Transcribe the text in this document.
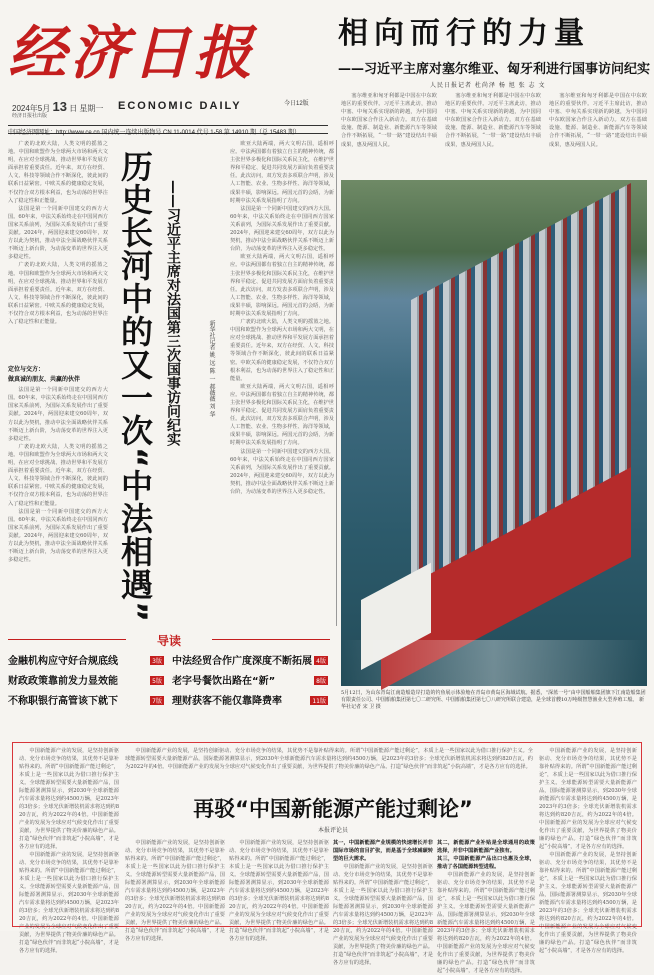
经济日报
2024年5月 13 日 星期一 ECONOMIC DAILY
经济日报社出版
今日12版
中国经济网网址：http://www.ce.cn 国内统一连续出版物号 CN 11-0014 代号 1-58 第 14910 期（总 15483 期）
相向而行的力量
——习近平主席对塞尔维亚、匈牙利进行国事访问纪实
人民日报记者 杜尚泽 杨 旭 张 志 文

塞尔维亚和匈牙利都是中国在中东欧地区的重要伙伴。习近平主席此访，推动中塞、中匈关系实现新的跨越，为中国同中东欧国家合作注入新动力。双方在基础设施、能源、制造业、新能源汽车等领域合作不断拓展，“一带一路”建设结出丰硕成果，惠及两国人民。

塞尔维亚和匈牙利都是中国在中东欧地区的重要伙伴。习近平主席此访，推动中塞、中匈关系实现新的跨越，为中国同中东欧国家合作注入新动力。双方在基础设施、能源、制造业、新能源汽车等领域合作不断拓展，“一带一路”建设结出丰硕成果，惠及两国人民。

塞尔维亚和匈牙利都是中国在中东欧地区的重要伙伴。习近平主席此访，推动中塞、中匈关系实现新的跨越，为中国同中东欧国家合作注入新动力。双方在基础设施、能源、制造业、新能源汽车等领域合作不断拓展，“一带一路”建设结出丰硕成果，惠及两国人民。

广袤的北欧大陆，人类文明的摇篮之地。中国和欧盟作为全球两大市场和两大文明，在应对全球挑战、推动世界和平发展方面承担着重要责任。近年来，双方在经贸、人文、科技等领域合作不断深化，彼此间的联系日益紧密。中欧关系的健康稳定发展，不仅符合双方根本利益，也为动荡的世界注入了稳定性和正能量。

法国是第一个同新中国建交的西方大国。60年来，中法关系始终走在中国同西方国家关系前列，为国际关系发展作出了重要贡献。2024年，两国迎来建交60周年，双方以此为契机，推动中法全面战略伙伴关系不断迈上新台阶，为动荡变革的世界注入更多稳定性。

广袤的北欧大陆，人类文明的摇篮之地。中国和欧盟作为全球两大市场和两大文明，在应对全球挑战、推动世界和平发展方面承担着重要责任。近年来，双方在经贸、人文、科技等领域合作不断深化，彼此间的联系日益紧密。中欧关系的健康稳定发展，不仅符合双方根本利益，也为动荡的世界注入了稳定性和正能量。

定位与交方：
做真诚的朋友、共赢的伙伴

法国是第一个同新中国建交的西方大国。60年来，中法关系始终走在中国同西方国家关系前列，为国际关系发展作出了重要贡献。2024年，两国迎来建交60周年，双方以此为契机，推动中法全面战略伙伴关系不断迈上新台阶，为动荡变革的世界注入更多稳定性。

广袤的北欧大陆，人类文明的摇篮之地。中国和欧盟作为全球两大市场和两大文明，在应对全球挑战、推动世界和平发展方面承担着重要责任。近年来，双方在经贸、人文、科技等领域合作不断深化，彼此间的联系日益紧密。中欧关系的健康稳定发展，不仅符合双方根本利益，也为动荡的世界注入了稳定性和正能量。

法国是第一个同新中国建交的西方大国。60年来，中法关系始终走在中国同西方国家关系前列，为国际关系发展作出了重要贡献。2024年，两国迎来建交60周年，双方以此为契机，推动中法全面战略伙伴关系不断迈上新台阶，为动荡变革的世界注入更多稳定性。	历史长河中的又一次“中法相遇” ——习近平主席对法国第三次国事访问纪实	新华社记者 姚 远 陈 一 郝薇薇 刘 华

欧亚大陆两端，两大文明古国，遥相呼应。中法两国都有着独立自主的精神传统，都主张世界多极化和国际关系民主化，在维护世界和平稳定、促进共同发展方面肩负着重要责任。此次访问，双方发表多项联合声明，涉及人工智能、农业、生物多样性、海洋等领域，成果丰硕，影响深远。两国元首的会晤，为新时期中法关系发展指明了方向。

法国是第一个同新中国建交的西方大国。60年来，中法关系始终走在中国同西方国家关系前列，为国际关系发展作出了重要贡献。2024年，两国迎来建交60周年，双方以此为契机，推动中法全面战略伙伴关系不断迈上新台阶，为动荡变革的世界注入更多稳定性。

欧亚大陆两端，两大文明古国，遥相呼应。中法两国都有着独立自主的精神传统，都主张世界多极化和国际关系民主化，在维护世界和平稳定、促进共同发展方面肩负着重要责任。此次访问，双方发表多项联合声明，涉及人工智能、农业、生物多样性、海洋等领域，成果丰硕，影响深远。两国元首的会晤，为新时期中法关系发展指明了方向。

广袤的北欧大陆，人类文明的摇篮之地。中国和欧盟作为全球两大市场和两大文明，在应对全球挑战、推动世界和平发展方面承担着重要责任。近年来，双方在经贸、人文、科技等领域合作不断深化，彼此间的联系日益紧密。中欧关系的健康稳定发展，不仅符合双方根本利益，也为动荡的世界注入了稳定性和正能量。

欧亚大陆两端，两大文明古国，遥相呼应。中法两国都有着独立自主的精神传统，都主张世界多极化和国际关系民主化，在维护世界和平稳定、促进共同发展方面肩负着重要责任。此次访问，双方发表多项联合声明，涉及人工智能、农业、生物多样性、海洋等领域，成果丰硕，影响深远。两国元首的会晤，为新时期中法关系发展指明了方向。

法国是第一个同新中国建交的西方大国。60年来，中法关系始终走在中国同西方国家关系前列，为国际关系发展作出了重要贡献。2024年，两国迎来建交60周年，双方以此为契机，推动中法全面战略伙伴关系不断迈上新台阶，为动荡变革的世界注入更多稳定性。

5月12日，为山东青岛江南造船造岸打造的钓鱼展示体验舱在青岛市黄岛区海域试航。据悉，“深蓝一号”由中国船舶集团旗下江南造船集团有限责任公司、中国船舶集团第七〇二研究所、中国船舶集团第七〇八研究所联合建造，是全球首艘10万吨级智慧渔业大型养殖工船。 新华社记者 宋 卫 摄
导读
金融机构应守好合规底线	3版 中法经贸合作广度深度不断拓展 4版
财政政策靠前发力显效能	5版 老字号餐饮出路在“新”	8版
不称职银行高管该下就下	7版 理财获客不能仅靠降费率	11版

中国新能源产业的发展，是坚持创新驱动、充分市场竞争的结果，其优势不是靠补贴得来的。所谓“中国新能源产能过剩论”，本质上是一些国家以此为借口推行保护主义。全球能源转型需要大量新能源产品，国际能源署测算显示，到2030年全球新能源汽车需求量将达到约4500万辆，是2023年的3倍多；全球光伏新增装机需求将达到约820吉瓦，约为2022年的4倍。中国新能源产业的发展为全球应对气候变化作出了重要贡献，为世界提供了物美价廉的绿色产品。打造“绿色伙伴”而非筑起“小院高墙”，才是各方应有的选择。

中国新能源产业的发展，是坚持创新驱动、充分市场竞争的结果，其优势不是靠补贴得来的。所谓“中国新能源产能过剩论”，本质上是一些国家以此为借口推行保护主义。全球能源转型需要大量新能源产品，国际能源署测算显示，到2030年全球新能源汽车需求量将达到约4500万辆，是2023年的3倍多；全球光伏新增装机需求将达到约820吉瓦，约为2022年的4倍。中国新能源产业的发展为全球应对气候变化作出了重要贡献，为世界提供了物美价廉的绿色产品。打造“绿色伙伴”而非筑起“小院高墙”，才是各方应有的选择。

中国新能源产业的发展，是坚持创新驱动、充分市场竞争的结果，其优势不是靠补贴得来的。所谓“中国新能源产能过剩论”，本质上是一些国家以此为借口推行保护主义。全球能源转型需要大量新能源产品，国际能源署测算显示，到2030年全球新能源汽车需求量将达到约4500万辆，是2023年的3倍多；全球光伏新增装机需求将达到约820吉瓦，约为2022年的4倍。中国新能源产业的发展为全球应对气候变化作出了重要贡献，为世界提供了物美价廉的绿色产品。打造“绿色伙伴”而非筑起“小院高墙”，才是各方应有的选择。

中国新能源产业的发展，是坚持创新驱动、充分市场竞争的结果，其优势不是靠补贴得来的。所谓“中国新能源产能过剩论”，本质上是一些国家以此为借口推行保护主义。全球能源转型需要大量新能源产品，国际能源署测算显示，到2030年全球新能源汽车需求量将达到约4500万辆，是2023年的3倍多；全球光伏新增装机需求将达到约820吉瓦，约为2022年的4倍。中国新能源产业的发展为全球应对气候变化作出了重要贡献，为世界提供了物美价廉的绿色产品。打造“绿色伙伴”而非筑起“小院高墙”，才是各方应有的选择。

中国新能源产业的发展，是坚持创新驱动、充分市场竞争的结果，其优势不是靠补贴得来的。所谓“中国新能源产能过剩论”，本质上是一些国家以此为借口推行保护主义。全球能源转型需要大量新能源产品，国际能源署测算显示，到2030年全球新能源汽车需求量将达到约4500万辆，是2023年的3倍多；全球光伏新增装机需求将达到约820吉瓦，约为2022年的4倍。中国新能源产业的发展为全球应对气候变化作出了重要贡献，为世界提供了物美价廉的绿色产品。打造“绿色伙伴”而非筑起“小院高墙”，才是各方应有的选择。

再驳“中国新能源产能过剩论”
本报评论员

中国新能源产业的发展，是坚持创新驱动、充分市场竞争的结果，其优势不是靠补贴得来的。所谓“中国新能源产能过剩论”，本质上是一些国家以此为借口推行保护主义。全球能源转型需要大量新能源产品，国际能源署测算显示，到2030年全球新能源汽车需求量将达到约4500万辆，是2023年的3倍多；全球光伏新增装机需求将达到约820吉瓦，约为2022年的4倍。中国新能源产业的发展为全球应对气候变化作出了重要贡献，为世界提供了物美价廉的绿色产品。打造“绿色伙伴”而非筑起“小院高墙”，才是各方应有的选择。

中国新能源产业的发展，是坚持创新驱动、充分市场竞争的结果，其优势不是靠补贴得来的。所谓“中国新能源产能过剩论”，本质上是一些国家以此为借口推行保护主义。全球能源转型需要大量新能源产品，国际能源署测算显示，到2030年全球新能源汽车需求量将达到约4500万辆，是2023年的3倍多；全球光伏新增装机需求将达到约820吉瓦，约为2022年的4倍。中国新能源产业的发展为全球应对气候变化作出了重要贡献，为世界提供了物美价廉的绿色产品。打造“绿色伙伴”而非筑起“小院高墙”，才是各方应有的选择。

其一，中国新能源产业规模的快速增长并非国际市场的盲目扩张，而是基于全球减碳转型的巨大需求。

中国新能源产业的发展，是坚持创新驱动、充分市场竞争的结果，其优势不是靠补贴得来的。所谓“中国新能源产能过剩论”，本质上是一些国家以此为借口推行保护主义。全球能源转型需要大量新能源产品，国际能源署测算显示，到2030年全球新能源汽车需求量将达到约4500万辆，是2023年的3倍多；全球光伏新增装机需求将达到约820吉瓦，约为2022年的4倍。中国新能源产业的发展为全球应对气候变化作出了重要贡献，为世界提供了物美价廉的绿色产品。打造“绿色伙伴”而非筑起“小院高墙”，才是各方应有的选择。

其二，新能源产业补贴是全球通用的政策选择，并非中国新能源产业独有。
其三，中国新能源产品出口也惠及全球，推动了各国能源转型进程。

中国新能源产业的发展，是坚持创新驱动、充分市场竞争的结果，其优势不是靠补贴得来的。所谓“中国新能源产能过剩论”，本质上是一些国家以此为借口推行保护主义。全球能源转型需要大量新能源产品，国际能源署测算显示，到2030年全球新能源汽车需求量将达到约4500万辆，是2023年的3倍多；全球光伏新增装机需求将达到约820吉瓦，约为2022年的4倍。中国新能源产业的发展为全球应对气候变化作出了重要贡献，为世界提供了物美价廉的绿色产品。打造“绿色伙伴”而非筑起“小院高墙”，才是各方应有的选择。
